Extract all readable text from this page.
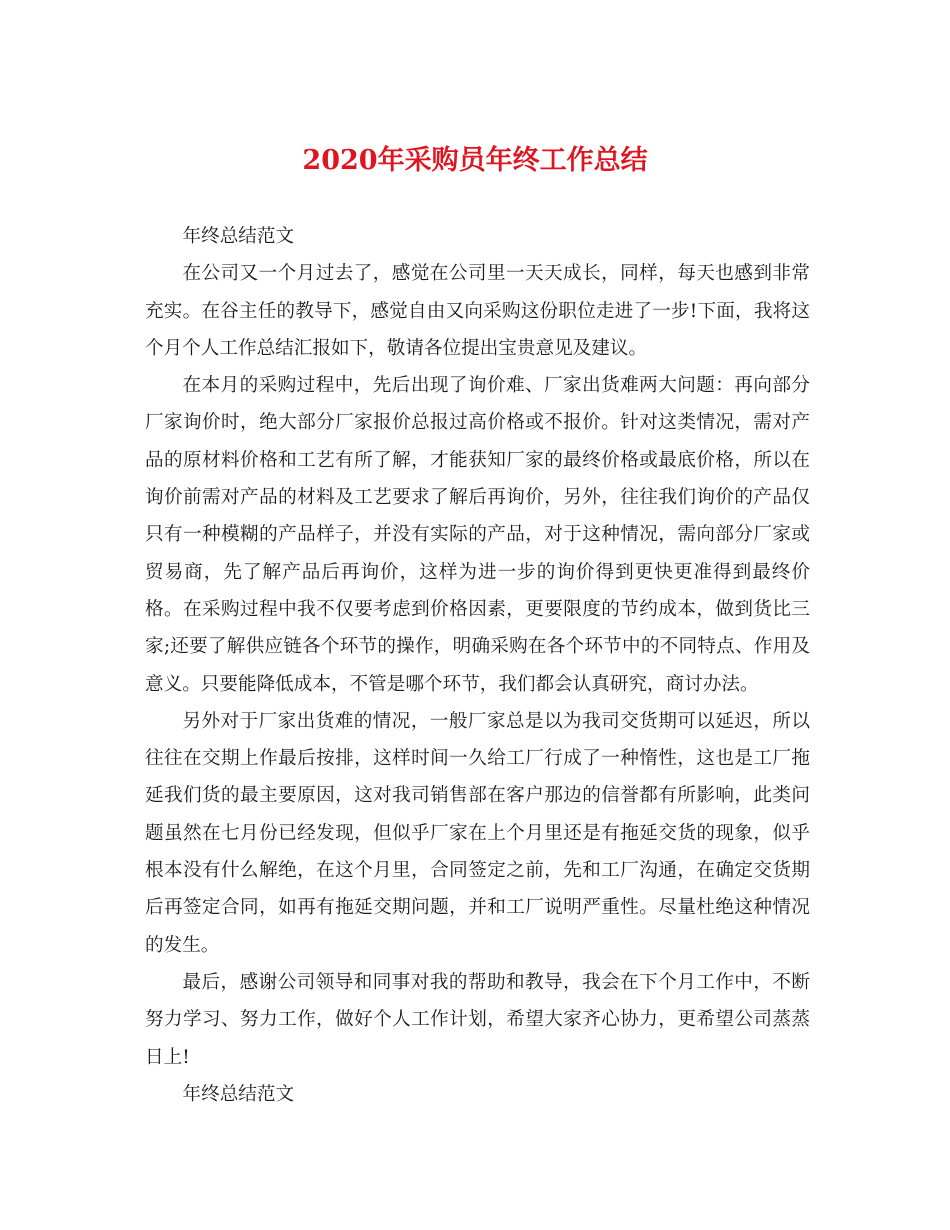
2020年采购员年终工作总结

年终总结范文

在公司又一个月过去了，感觉在公司里一天天成长，同样，每天也感到非常充实。在谷主任的教导下，感觉自由又向采购这份职位走进了一步!下面，我将这个月个人工作总结汇报如下，敬请各位提出宝贵意见及建议。

在本月的采购过程中，先后出现了询价难、厂家出货难两大问题：再向部分厂家询价时，绝大部分厂家报价总报过高价格或不报价。针对这类情况，需对产品的原材料价格和工艺有所了解，才能获知厂家的最终价格或最底价格，所以在询价前需对产品的材料及工艺要求了解后再询价，另外，往往我们询价的产品仅只有一种模糊的产品样子，并没有实际的产品，对于这种情况，需向部分厂家或贸易商，先了解产品后再询价，这样为进一步的询价得到更快更准得到最终价格。在采购过程中我不仅要考虑到价格因素，更要限度的节约成本，做到货比三家;还要了解供应链各个环节的操作，明确采购在各个环节中的不同特点、作用及意义。只要能降低成本，不管是哪个环节，我们都会认真研究，商讨办法。

另外对于厂家出货难的情况，一般厂家总是以为我司交货期可以延迟，所以往往在交期上作最后按排，这样时间一久给工厂行成了一种惰性，这也是工厂拖延我们货的最主要原因，这对我司销售部在客户那边的信誉都有所影响，此类问题虽然在七月份已经发现，但似乎厂家在上个月里还是有拖延交货的现象，似乎根本没有什么解绝，在这个月里，合同签定之前，先和工厂沟通，在确定交货期后再签定合同，如再有拖延交期问题，并和工厂说明严重性。尽量杜绝这种情况的发生。

最后，感谢公司领导和同事对我的帮助和教导，我会在下个月工作中，不断努力学习、努力工作，做好个人工作计划，希望大家齐心协力，更希望公司蒸蒸日上!

年终总结范文
